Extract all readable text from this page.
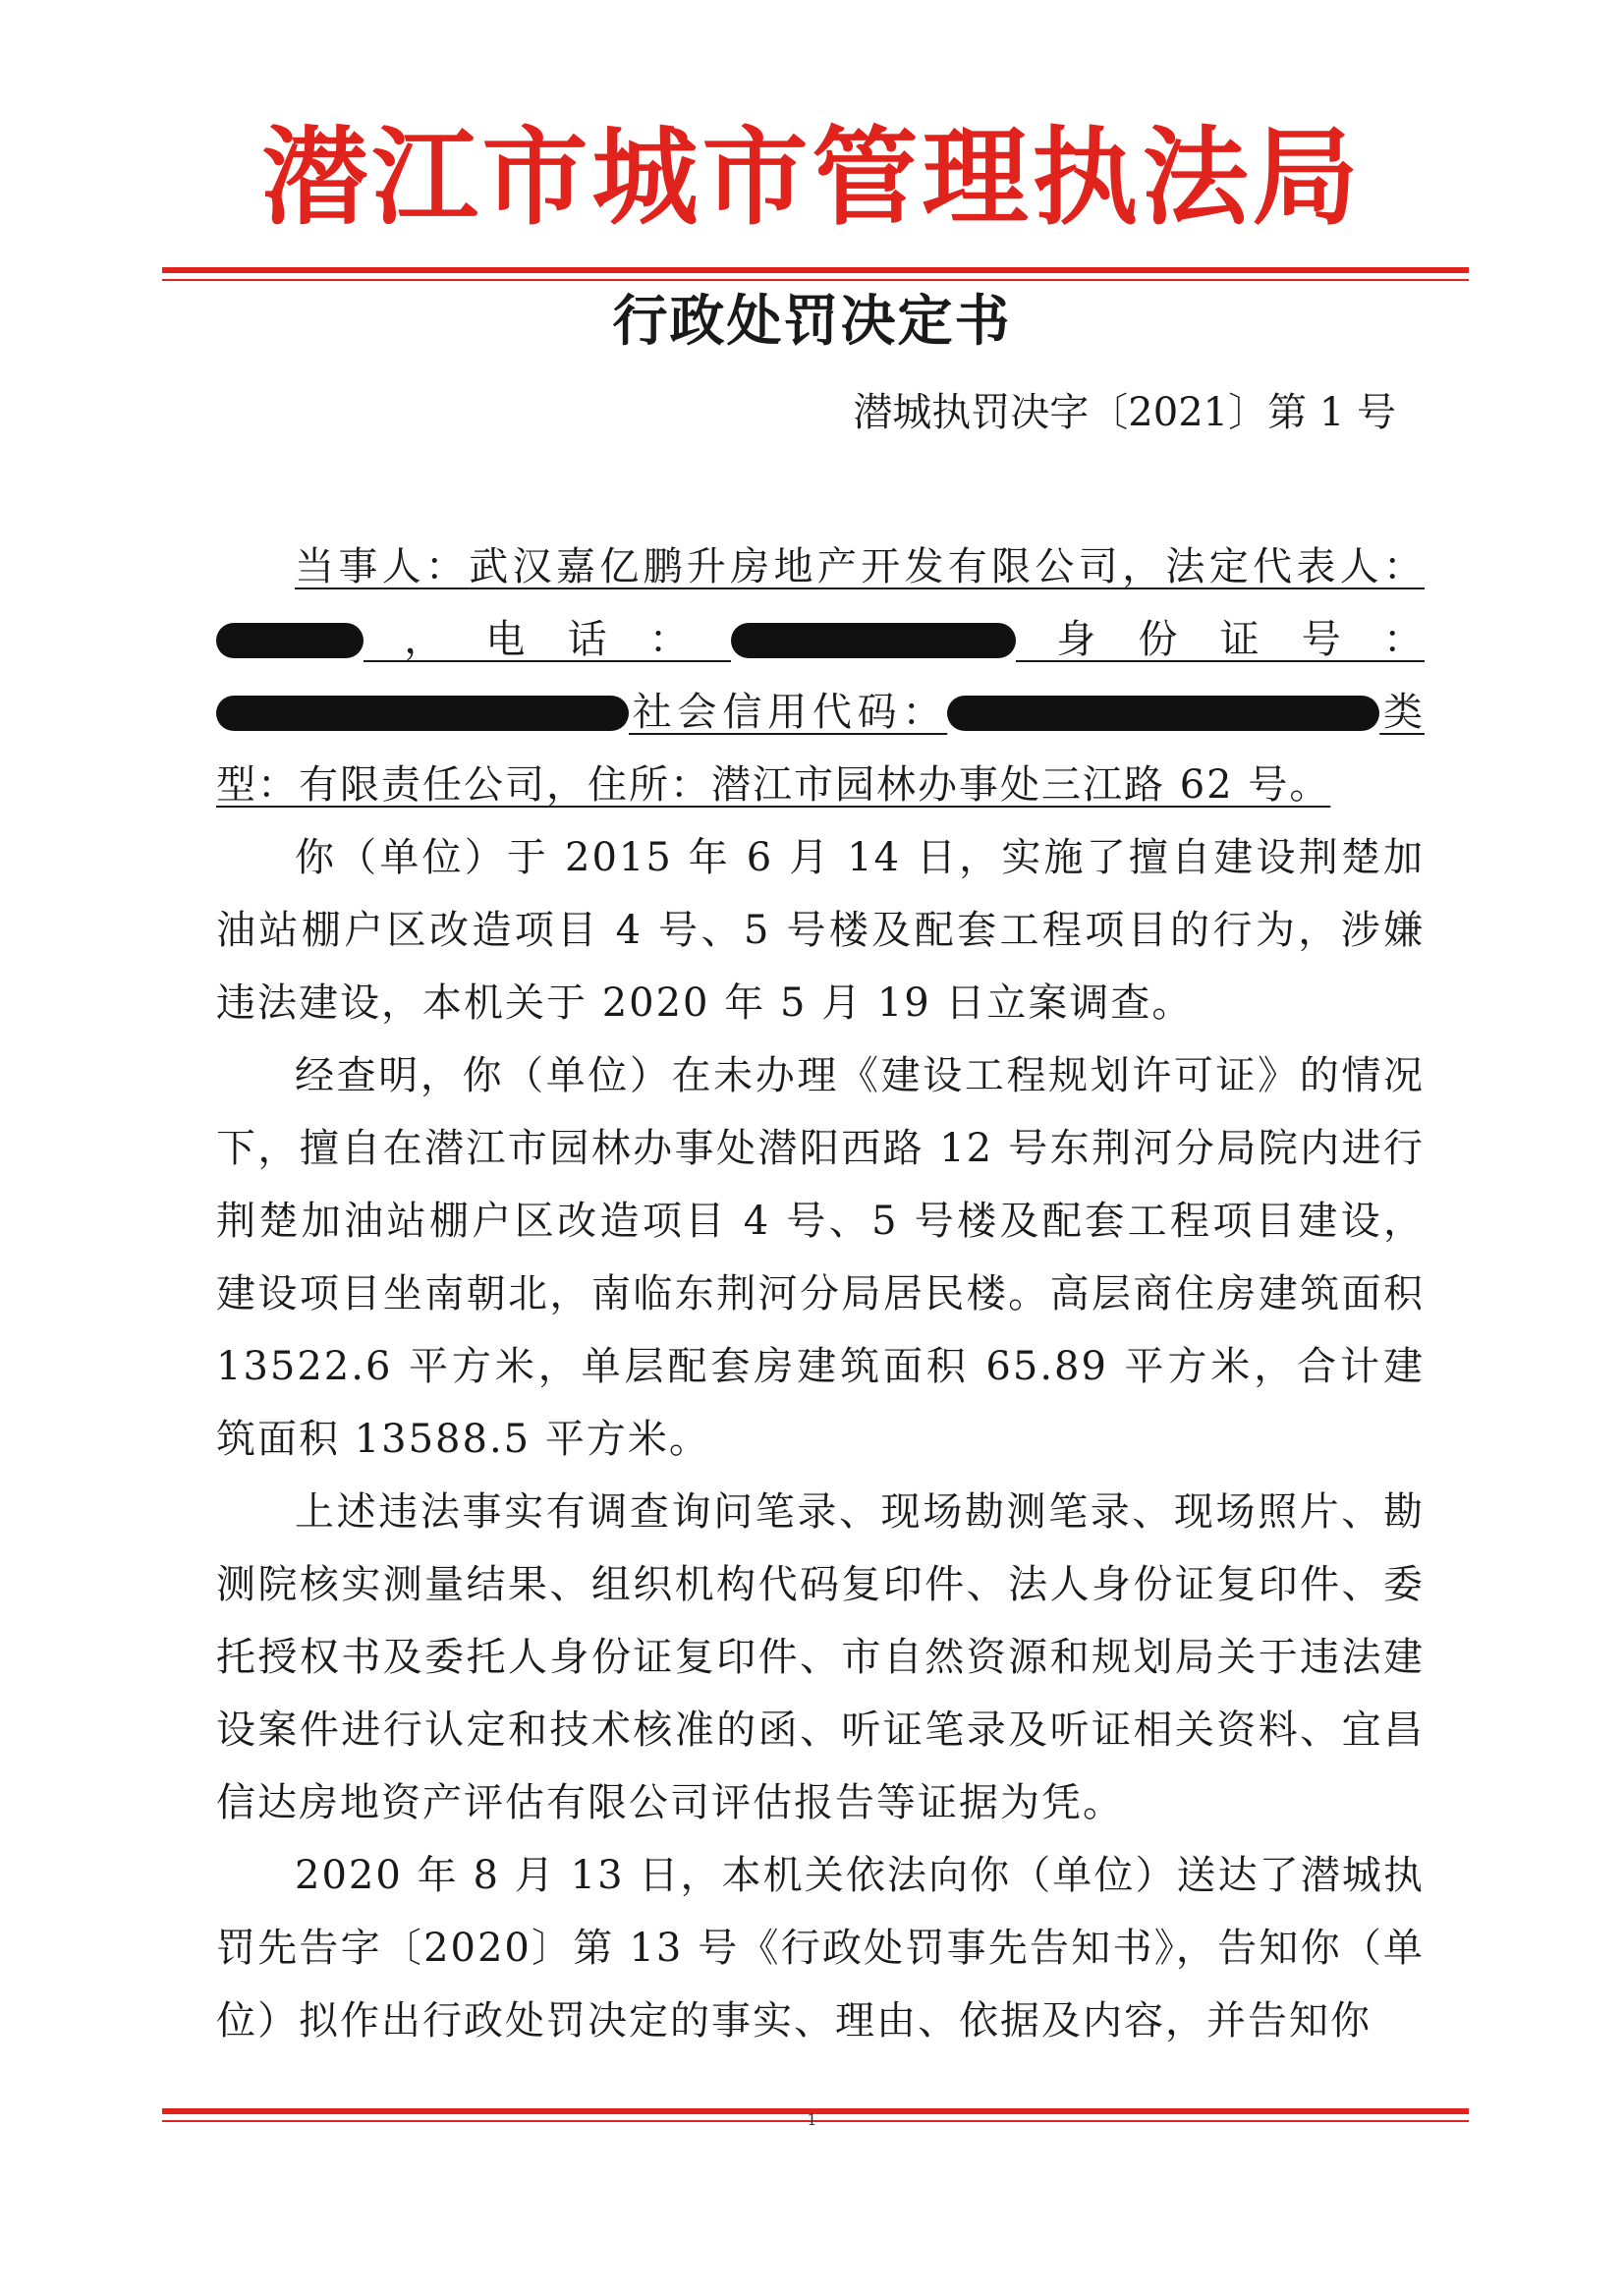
潜江市城市管理执法局
行政处罚决定书
潜城执罚决字〔2021〕第 1 号

当事人：武汉嘉亿鹏升房地产开发有限公司，法定代表人：，电话：	身份证号：社会信用代码：	类型：有限责任公司，住所：潜江市园林办事处三江路 62 号。

你（单位）于 2015 年 6 月 14 日，实施了擅自建设荆楚加油站棚户区改造项目 4 号、5 号楼及配套工程项目的行为，涉嫌违法建设，本机关于 2020 年 5 月 19 日立案调查。

经查明，你（单位）在未办理《建设工程规划许可证》的情况下，擅自在潜江市园林办事处潜阳西路 12 号东荆河分局院内进行荆楚加油站棚户区改造项目 4 号、5 号楼及配套工程项目建设，建设项目坐南朝北，南临东荆河分局居民楼。高层商住房建筑面积 13522.6 平方米，单层配套房建筑面积 65.89 平方米，合计建筑面积 13588.5 平方米。

上述违法事实有调查询问笔录、现场勘测笔录、现场照片、勘测院核实测量结果、组织机构代码复印件、法人身份证复印件、委托授权书及委托人身份证复印件、市自然资源和规划局关于违法建设案件进行认定和技术核准的函、听证笔录及听证相关资料、宜昌信达房地资产评估有限公司评估报告等证据为凭。

2020 年 8 月 13 日，本机关依法向你（单位）送达了潜城执罚先告字〔2020〕第 13 号《行政处罚事先告知书》，告知你（单位）拟作出行政处罚决定的事实、理由、依据及内容，并告知你

1
